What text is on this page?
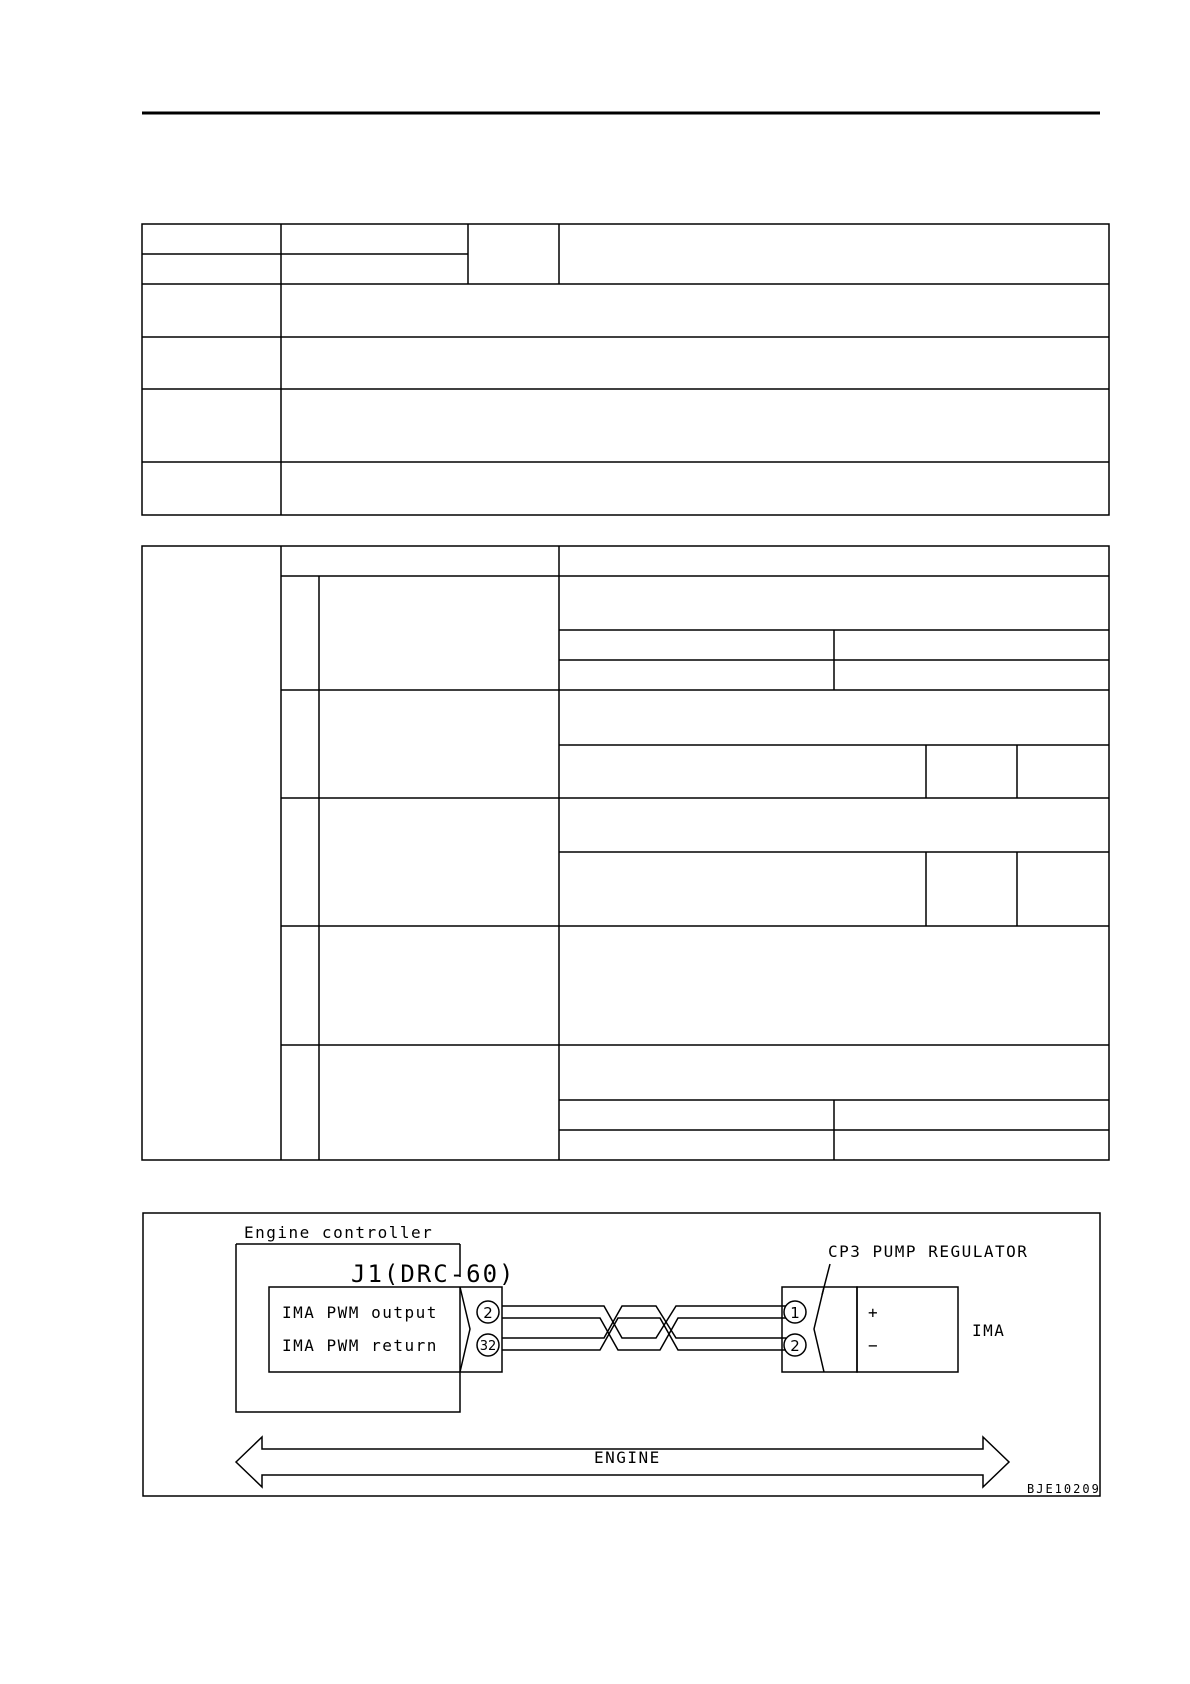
Engine controller
J1(DRC-60)
IMA PWM output
IMA PWM return
2
32
CP3 PUMP REGULATOR
1
2
+
−
IMA
ENGINE
BJE10209
